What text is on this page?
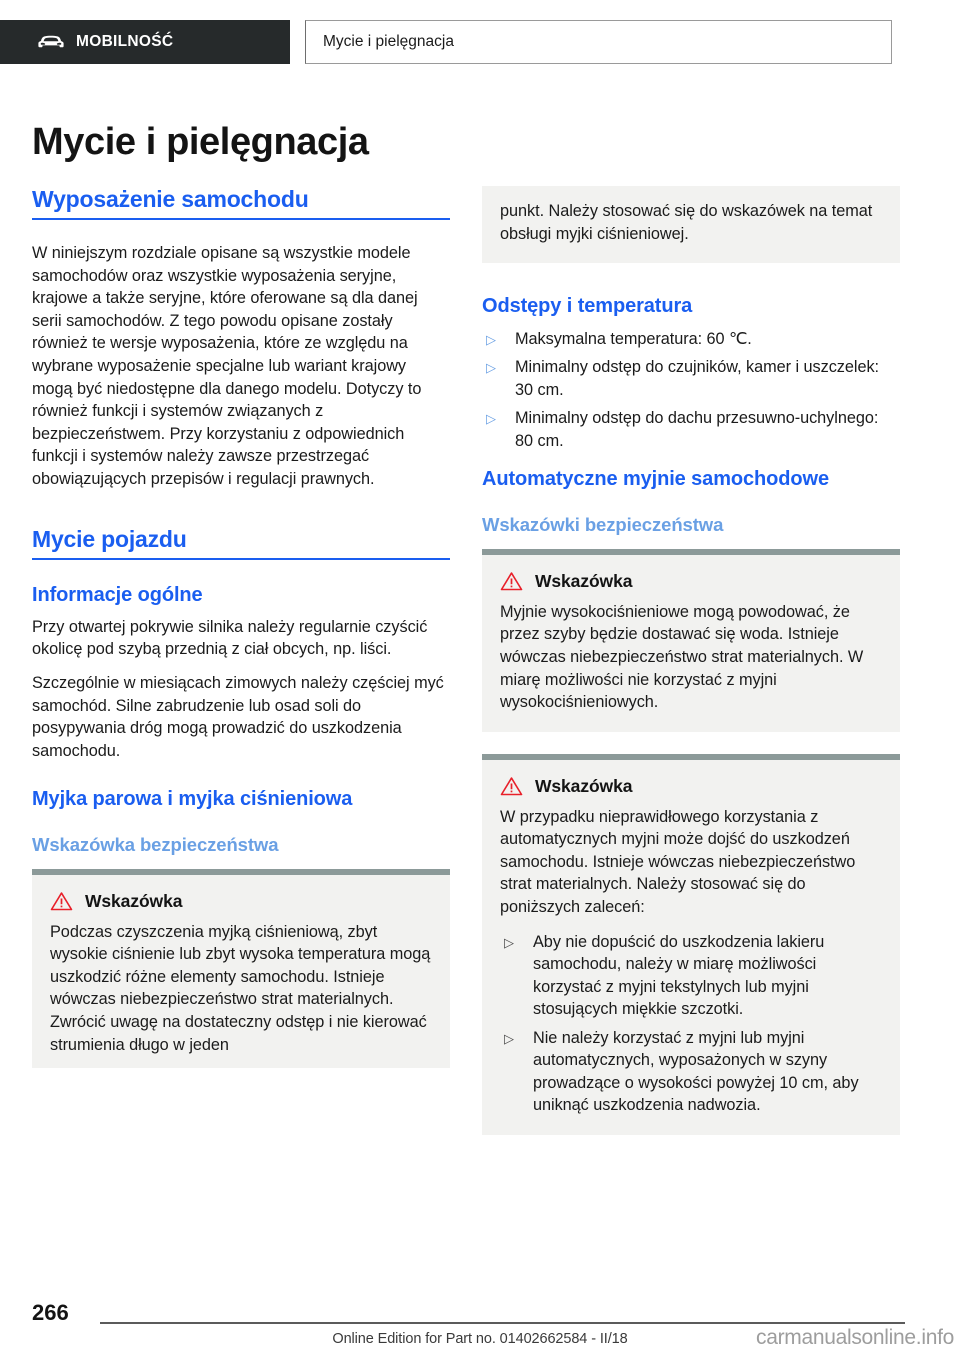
MOBILNOŚĆ	Mycie i pielęgnacja
Mycie i pielęgnacja
Wyposażenie samochodu

W niniejszym rozdziale opisane są wszystkie modele samochodów oraz wszystkie wyposażenia seryjne, krajowe a także seryjne, które oferowane są dla danej serii samochodów. Z tego powodu opisane zostały również te wersje wyposażenia, które ze względu na wybrane wyposażenie specjalne lub wariant krajowy mogą być niedostępne dla danego modelu. Dotyczy to również funkcji i systemów związanych z bezpieczeństwem. Przy korzystaniu z odpowiednich funkcji i systemów należy zawsze przestrzegać obowiązujących przepisów i regulacji prawnych.

Mycie pojazdu
Informacje ogólne

Przy otwartej pokrywie silnika należy regularnie czyścić okolicę pod szybą przednią z ciał obcych, np. liści.

Szczególnie w miesiącach zimowych należy częściej myć samochód. Silne zabrudzenie lub osad soli do posypywania dróg mogą prowadzić do uszkodzenia samochodu.

Myjka parowa i myjka ciśnieniowa
Wskazówka bezpieczeństwa
Wskazówka

Podczas czyszczenia myjką ciśnieniową, zbyt wysokie ciśnienie lub zbyt wysoka temperatura mogą uszkodzić różne elementy samochodu. Istnieje wówczas niebezpieczeństwo strat materialnych. Zwrócić uwagę na dostateczny odstęp i nie kierować strumienia długo w jeden

punkt. Należy stosować się do wskazówek na temat obsługi myjki ciśnieniowej.

Odstępy i temperatura
▷ Maksymalna temperatura: 60 ℃.
▷ Minimalny odstęp do czujników, kamer i uszczelek: 30 cm.
▷ Minimalny odstęp do dachu przesuwno-uchylnego: 80 cm.
Automatyczne myjnie samochodowe
Wskazówki bezpieczeństwa
Wskazówka

Myjnie wysokociśnieniowe mogą powodować, że przez szyby będzie dostawać się woda. Istnieje wówczas niebezpieczeństwo strat materialnych. W miarę możliwości nie korzystać z myjni wysokociśnieniowych.

Wskazówka

W przypadku nieprawidłowego korzystania z automatycznych myjni może dojść do uszkodzeń samochodu. Istnieje wówczas niebezpieczeństwo strat materialnych. Należy stosować się do poniższych zaleceń:

▷ Aby nie dopuścić do uszkodzenia lakieru samochodu, należy w miarę możliwości korzystać z myjni tekstylnych lub myjni stosujących miękkie szczotki.
▷ Nie należy korzystać z myjni lub myjni automatycznych, wyposażonych w szyny prowadzące o wysokości powyżej 10 cm, aby uniknąć uszkodzenia nadwozia.
266
Online Edition for Part no. 01402662584 - II/18	carmanualsonline.info
